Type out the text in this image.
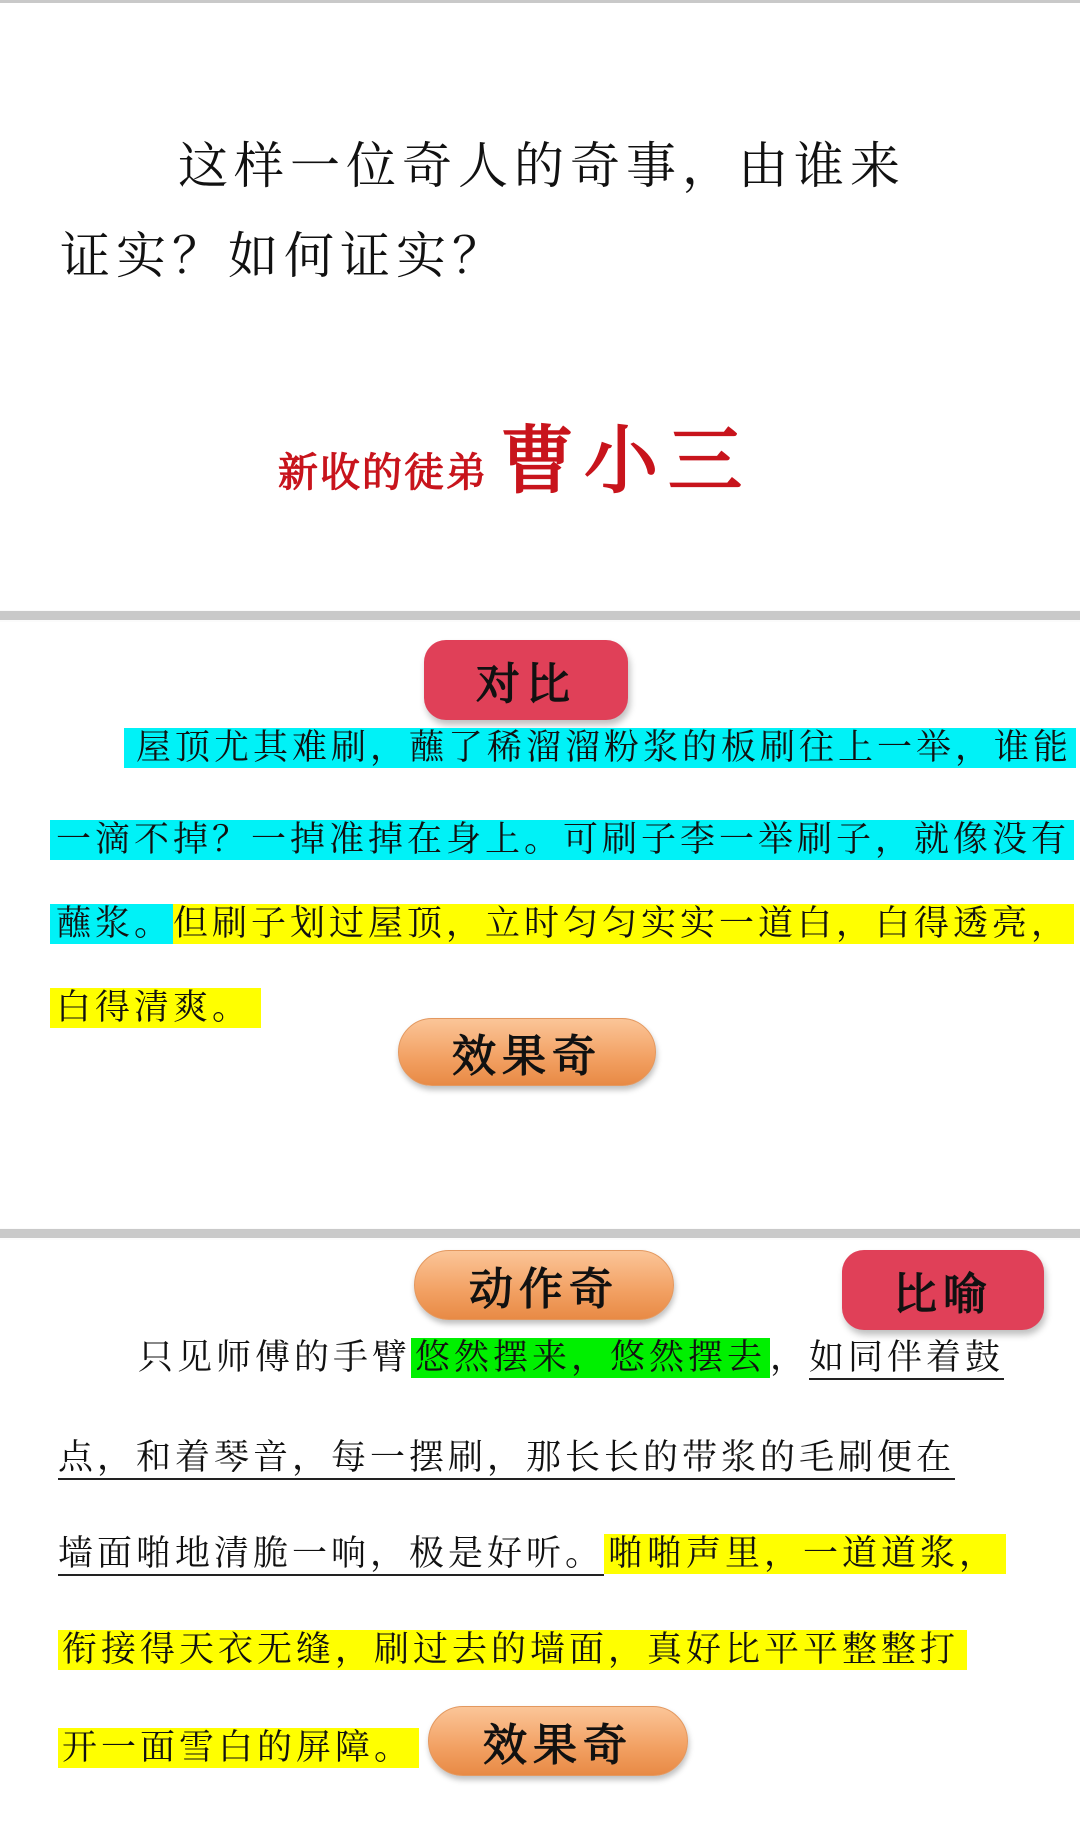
这样一位奇人的奇事，由谁来
证实？如何证实？
新收的徒弟 曹小三
对比
屋顶尤其难刷，蘸了稀溜溜粉浆的板刷往上一举，谁能
一滴不掉？一掉准掉在身上。可刷子李一举刷子，就像没有
蘸浆。但刷子划过屋顶，立时匀匀实实一道白，白得透亮，
白得清爽。
效果奇
动作奇	比喻
只见师傅的手臂 悠然摆来，悠然摆去 ，如同伴着鼓
点，和着琴音，每一摆刷，那长长的带浆的毛刷便在
墙面啪地清脆一响，极是好听。 啪啪声里，一道道浆，
衔接得天衣无缝，刷过去的墙面，真好比平平整整打
开一面雪白的屏障。	效果奇
